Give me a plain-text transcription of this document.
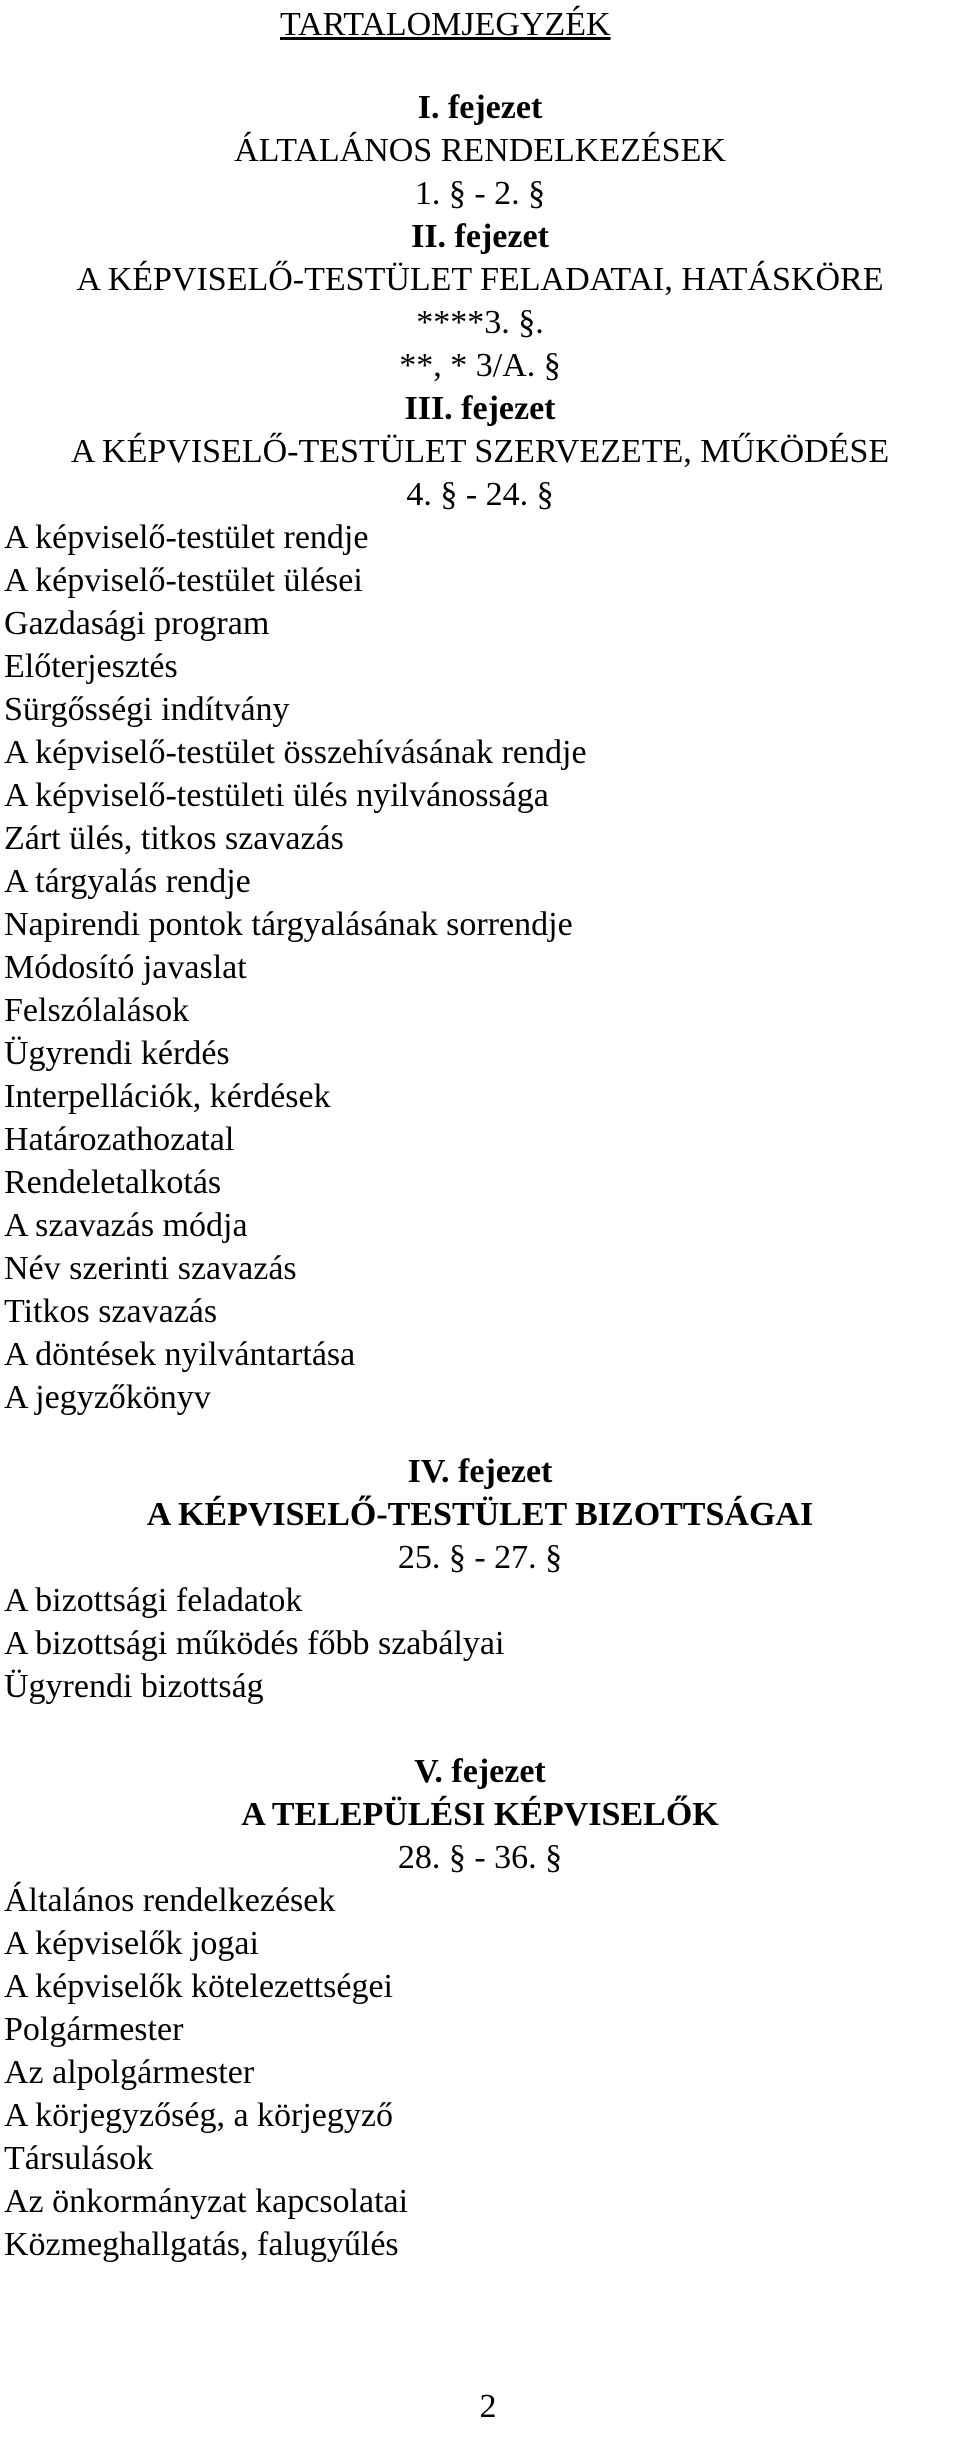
TARTALOMJEGYZÉK

I. fejezet

ÁLTALÁNOS RENDELKEZÉSEK

1. § - 2. §

II. fejezet

A KÉPVISELŐ-TESTÜLET FELADATAI, HATÁSKÖRE

****3. §.

**, * 3/A. §

III. fejezet

A KÉPVISELŐ-TESTÜLET SZERVEZETE, MŰKÖDÉSE

4. § - 24. §

A képviselő-testület rendje
A képviselő-testület ülései
Gazdasági program
Előterjesztés
Sürgősségi indítvány
A képviselő-testület összehívásának rendje
A képviselő-testületi ülés nyilvánossága
Zárt ülés, titkos szavazás
A tárgyalás rendje
Napirendi pontok tárgyalásának sorrendje
Módosító javaslat
Felszólalások
Ügyrendi kérdés
Interpellációk, kérdések
Határozathozatal
Rendeletalkotás
A szavazás módja
Név szerinti szavazás
Titkos szavazás
A döntések nyilvántartása
A jegyzőkönyv

IV. fejezet

A KÉPVISELŐ-TESTÜLET BIZOTTSÁGAI

25. § - 27. §

A bizottsági feladatok
A bizottsági működés főbb szabályai
Ügyrendi bizottság

V. fejezet

A TELEPÜLÉSI KÉPVISELŐK

28. § - 36. §

Általános rendelkezések
A képviselők jogai
A képviselők kötelezettségei
Polgármester
Az alpolgármester
A körjegyzőség, a körjegyző
Társulások
Az önkormányzat kapcsolatai
Közmeghallgatás, falugyűlés
2
